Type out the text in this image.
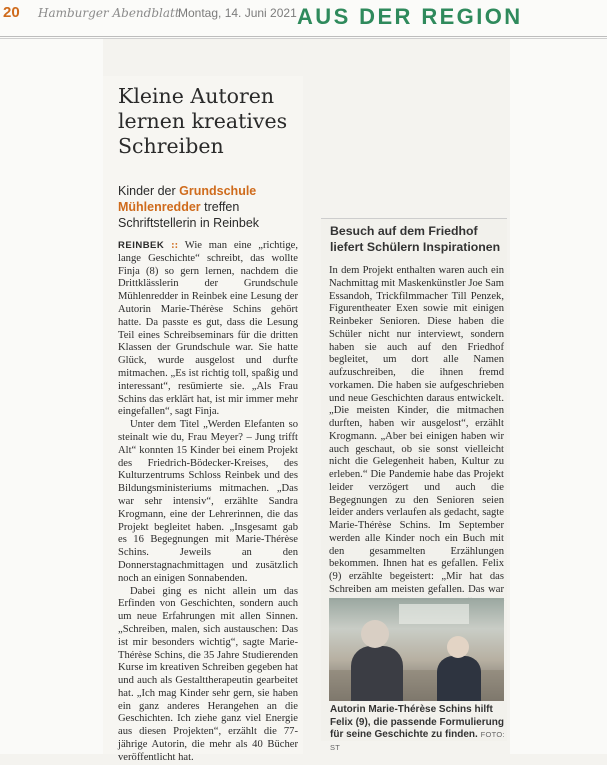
20 Hamburger Abendblatt
Montag, 14. Juni 2021 AUS DER REGION
Kleine Autoren lernen kreatives Schreiben
Kinder der Grundschule Mühlenredder treffen Schriftstellerin in Reinbek

REINBEK :: Wie man eine „richtige, lange Geschichte“ schreibt, das wollte Finja (8) so gern lernen, nachdem die Drittklässlerin der Grundschule Mühlenredder in Reinbek eine Lesung der Autorin Marie-Thérèse Schins gehört hatte. Da passte es gut, dass die Lesung Teil eines Schreibseminars für die dritten Klassen der Grundschule war. Sie hatte Glück, wurde ausgelost und durfte mitmachen. „Es ist richtig toll, spaßig und interessant“, resümierte sie. „Als Frau Schins das erklärt hat, ist mir immer mehr eingefallen“, sagt Finja.

Unter dem Titel „Werden Elefanten so steinalt wie du, Frau Meyer? – Jung trifft Alt“ konnten 15 Kinder bei einem Projekt des Friedrich-Bödecker-Kreises, des Kulturzentrums Schloss Reinbek und des Bildungsministeriums mitmachen. „Das war sehr intensiv“, erzählte Sandra Krogmann, eine der Lehrerinnen, die das Projekt begleitet haben. „Insgesamt gab es 16 Begegnungen mit Marie-Thérèse Schins. Jeweils an den Donnerstagnachmittagen und zusätzlich noch an einigen Sonnabenden.

Dabei ging es nicht allein um das Erfinden von Geschichten, sondern auch um neue Erfahrungen mit allen Sinnen. „Schreiben, malen, sich austauschen: Das ist mir besonders wichtig“, sagte Marie-Thérèse Schins, die 35 Jahre Studierenden Kurse im kreativen Schreiben gegeben hat und auch als Gestalttherapeutin gearbeitet hat. „Ich mag Kinder sehr gern, sie haben ein ganz anderes Herangehen an die Geschichten. Ich ziehe ganz viel Energie aus diesen Projekten“, erzählt die 77-jährige Autorin, die mehr als 40 Bücher veröffentlicht hat.

Besuch auf dem Friedhof liefert Schülern Inspirationen

In dem Projekt enthalten waren auch ein Nachmittag mit Maskenkünstler Joe Sam Essandoh, Trickfilmmacher Till Penzek, Figurentheater Exen sowie mit einigen Reinbeker Senioren. Diese haben die Schüler nicht nur interviewt, sondern haben sie auch auf den Friedhof begleitet, um dort alle Namen aufzuschreiben, die ihnen fremd vorkamen. Die haben sie aufgeschrieben und neue Geschichten daraus entwickelt. „Die meisten Kinder, die mitmachen durften, haben wir ausgelost“, erzählt Krogmann. „Aber bei einigen haben wir auch geschaut, ob sie sonst vielleicht nicht die Gelegenheit haben, Kultur zu erleben.“ Die Pandemie habe das Projekt leider verzögert und auch die Begegnungen zu den Senioren seien leider anders verlaufen als gedacht, sagte Marie-Thérèse Schins. Im September werden alle Kinder noch ein Buch mit den gesammelten Erzählungen bekommen. Ihnen hat es gefallen. Felix (9) erzählte begeistert: „Mir hat das Schreiben am meisten gefallen. Das war

Autorin Marie-Thérèse Schins hilft Felix (9), die passende Formulierung für seine Geschichte zu finden. FOTO: ST
